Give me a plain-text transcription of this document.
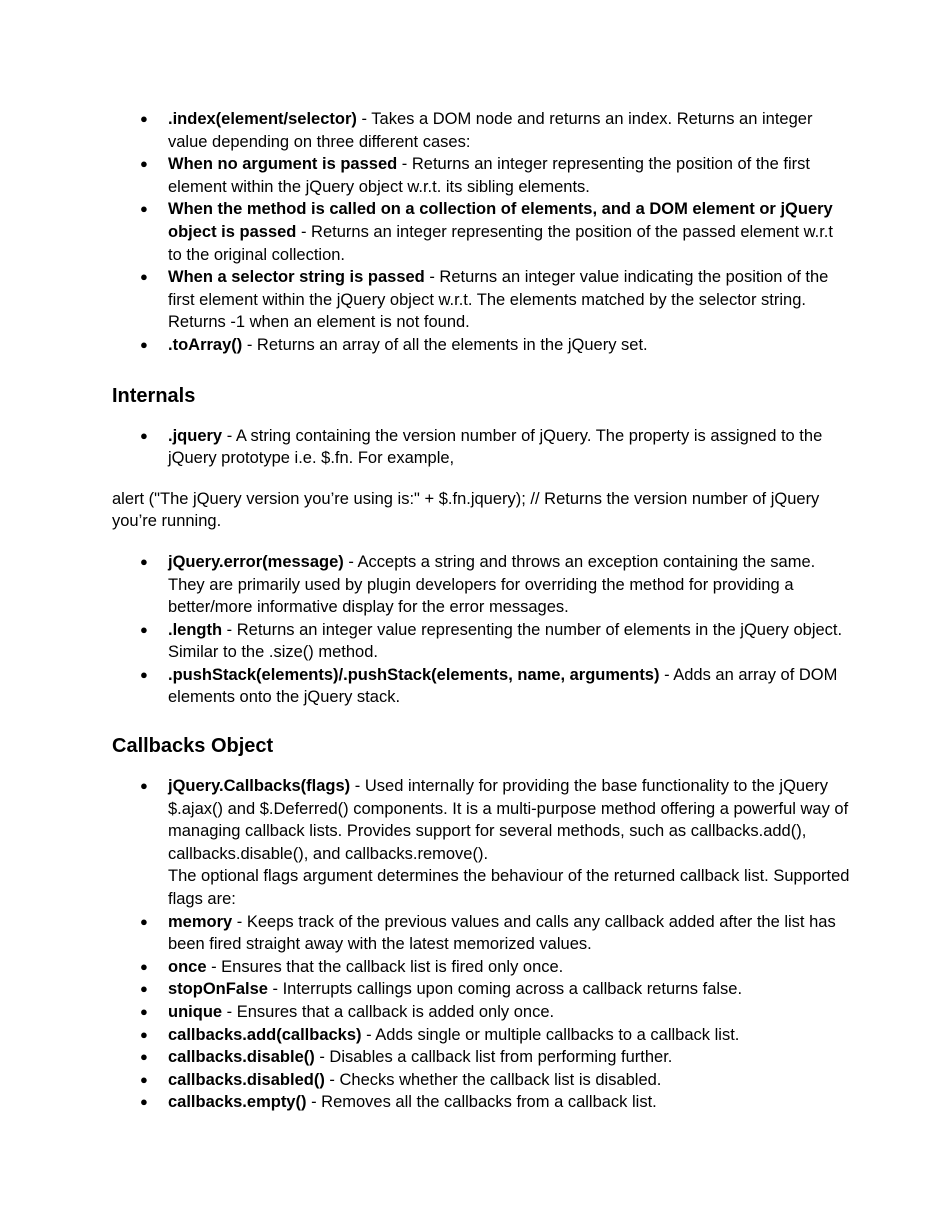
● .index(element/selector) - Takes a DOM node and returns an index. Returns an integer value depending on three different cases:
● When no argument is passed - Returns an integer representing the position of the first element within the jQuery object w.r.t. its sibling elements.
● When the method is called on a collection of elements, and a DOM element or jQuery object is passed - Returns an integer representing the position of the passed element w.r.t to the original collection.
● When a selector string is passed - Returns an integer value indicating the position of the first element within the jQuery object w.r.t. The elements matched by the selector string. Returns -1 when an element is not found.
● .toArray() - Returns an array of all the elements in the jQuery set.
Internals
● .jquery - A string containing the version number of jQuery. The property is assigned to the jQuery prototype i.e. $.fn. For example,

alert ("The jQuery version you’re using is:" + $.fn.jquery); // Returns the version number of jQuery you’re running.

● jQuery.error(message) - Accepts a string and throws an exception containing the same. They are primarily used by plugin developers for overriding the method for providing a better/more informative display for the error messages.
● .length - Returns an integer value representing the number of elements in the jQuery object. Similar to the .size() method.
● .pushStack(elements)/.pushStack(elements, name, arguments) - Adds an array of DOM elements onto the jQuery stack.
Callbacks Object
● jQuery.Callbacks(flags) - Used internally for providing the base functionality to the jQuery $.ajax() and $.Deferred() components. It is a multi-purpose method offering a powerful way of managing callback lists. Provides support for several methods, such as callbacks.add(), callbacks.disable(), and callbacks.remove().
The optional flags argument determines the behaviour of the returned callback list. Supported flags are:
● memory - Keeps track of the previous values and calls any callback added after the list has been fired straight away with the latest memorized values.
● once - Ensures that the callback list is fired only once.
● stopOnFalse - Interrupts callings upon coming across a callback returns false.
● unique - Ensures that a callback is added only once.
● callbacks.add(callbacks) - Adds single or multiple callbacks to a callback list.
● callbacks.disable() - Disables a callback list from performing further.
● callbacks.disabled() - Checks whether the callback list is disabled.
● callbacks.empty() - Removes all the callbacks from a callback list.
